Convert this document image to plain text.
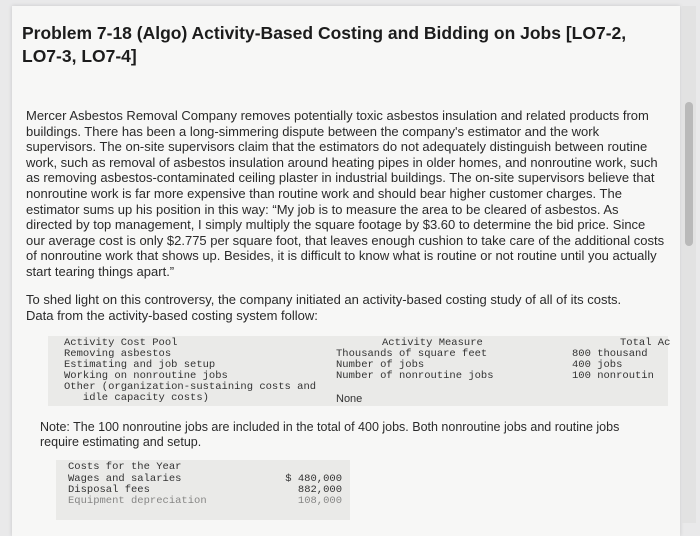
Problem 7-18 (Algo) Activity-Based Costing and Bidding on Jobs [LO7-2, LO7-3, LO7-4]

Mercer Asbestos Removal Company removes potentially toxic asbestos insulation and related products from buildings. There has been a long-simmering dispute between the company's estimator and the work supervisors. The on-site supervisors claim that the estimators do not adequately distinguish between routine work, such as removal of asbestos insulation around heating pipes in older homes, and nonroutine work, such as removing asbestos-contaminated ceiling plaster in industrial buildings. The on-site supervisors believe that nonroutine work is far more expensive than routine work and should bear higher customer charges. The estimator sums up his position in this way: “My job is to measure the area to be cleared of asbestos. As directed by top management, I simply multiply the square footage by $3.60 to determine the bid price. Since our average cost is only $2.775 per square foot, that leaves enough cushion to take care of the additional costs of nonroutine work that shows up. Besides, it is difficult to know what is routine or not routine until you actually start tearing things apart.”

To shed light on this controversy, the company initiated an activity-based costing study of all of its costs. Data from the activity-based costing system follow:

Activity Cost Pool	Activity Measure	Total Ac
Removing asbestos	Thousands of square feet	800 thousand
Estimating and job setup	Number of jobs	400 jobs
Working on nonroutine jobs	Number of nonroutine jobs	100 nonroutin
Other (organization-sustaining costs and
idle capacity costs)	None

Note: The 100 nonroutine jobs are included in the total of 400 jobs. Both nonroutine jobs and routine jobs require estimating and setup.

Costs for the Year
Wages and salaries	$ 480,000
Disposal fees	882,000
Equipment depreciation	108,000
